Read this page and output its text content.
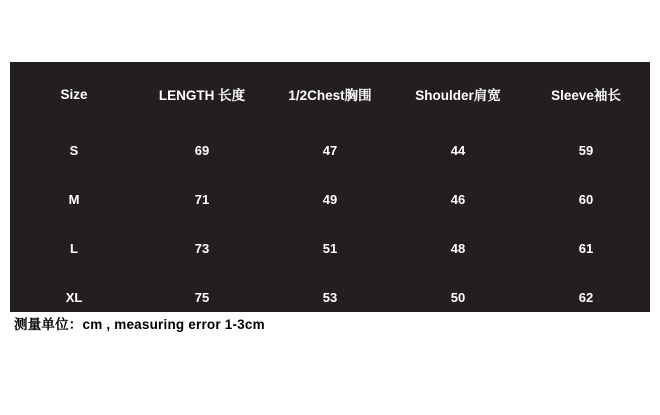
Size	LENGTH 长度	1/2Chest胸围	Shoulder肩宽	Sleeve袖长
S	69	47	44	59
M	71	49	46	60
L	73	51	48	61
XL	75	53	50	62
测量单位：cm , measuring error 1-3cm
